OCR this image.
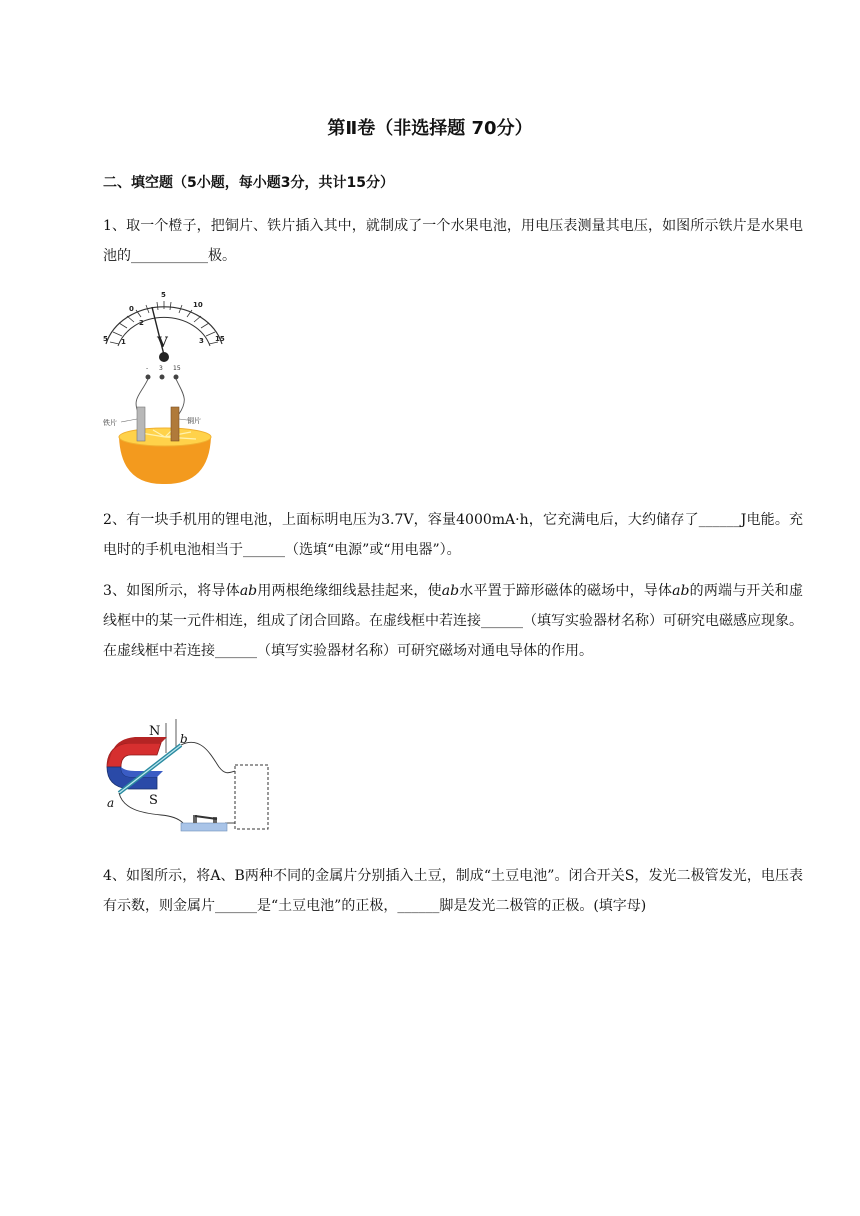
第Ⅱ卷（非选择题 70分）
二、填空题（5小题，每小题3分，共计15分）
1、取一个橙子，把铜片、铁片插入其中，就制成了一个水果电池，用电压表测量其电压，如图所示铁片是水果电池的___________极。
0
5
10
15
5 1
2
3
V
- 3 15
铁片	铜片
2、有一块手机用的锂电池，上面标明电压为3.7V，容量4000mA·h，它充满电后，大约储存了______J电能。充电时的手机电池相当于______（选填“电源”或“用电器”）。
3、如图所示，将导体ab用两根绝缘细线悬挂起来，使ab水平置于蹄形磁体的磁场中，导体ab的两端与开关和虚线框中的某一元件相连，组成了闭合回路。在虚线框中若连接______（填写实验器材名称）可研究电磁感应现象。在虚线框中若连接______（填写实验器材名称）可研究磁场对通电导体的作用。
N
S
a
b
4、如图所示，将A、B两种不同的金属片分别插入土豆，制成“土豆电池”。闭合开关S，发光二极管发光，电压表有示数，则金属片______是“土豆电池”的正极，______脚是发光二极管的正极。(填字母)
